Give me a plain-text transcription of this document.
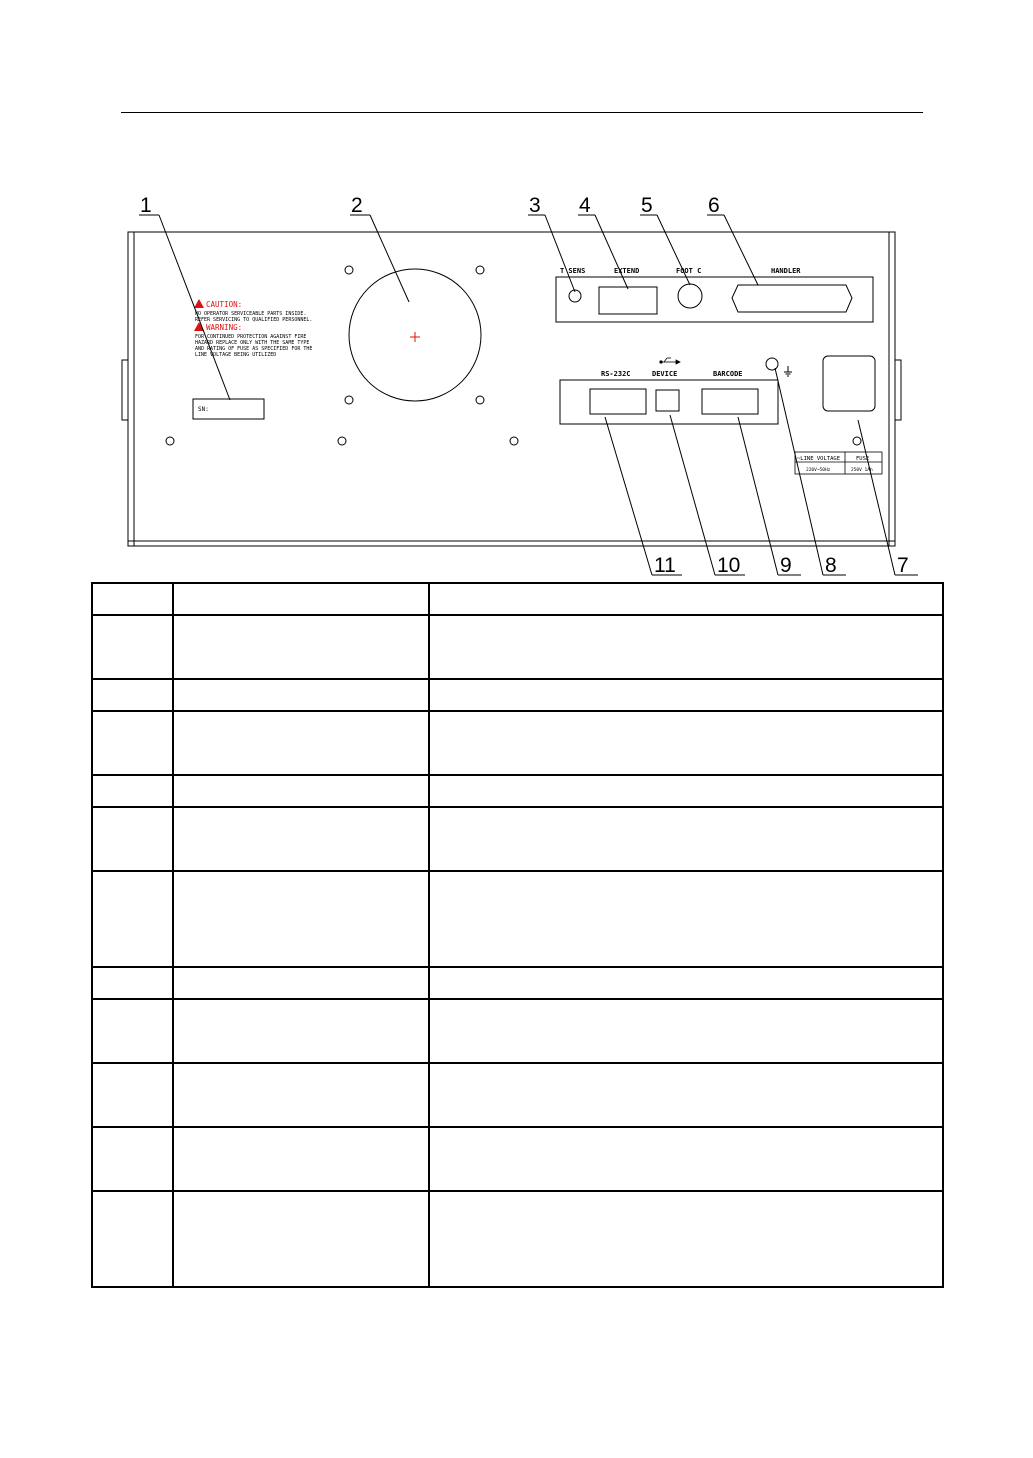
CAUTION:
NO OPERATOR SERVICEABLE PARTS INSIDE.
REFER SERVICING TO QUALIFIED PERSONNEL.
WARNING:
FOR CONTINUED PROTECTION AGAINST FIRE
HAZARD REPLACE ONLY WITH THE SAME TYPE
AND RATING OF FUSE AS SPECIFIED FOR THE
LINE VOLTAGE BEING UTILIZED
SN:
T SENS	EXTEND	FOOT C	HANDLER
RS-232C	DEVICE	BARCODE
~LINE VOLTAGE	FUSE
220V~50Hz	250V 1Ah
1	2	3 4 5	6
7
8
9
10
11
